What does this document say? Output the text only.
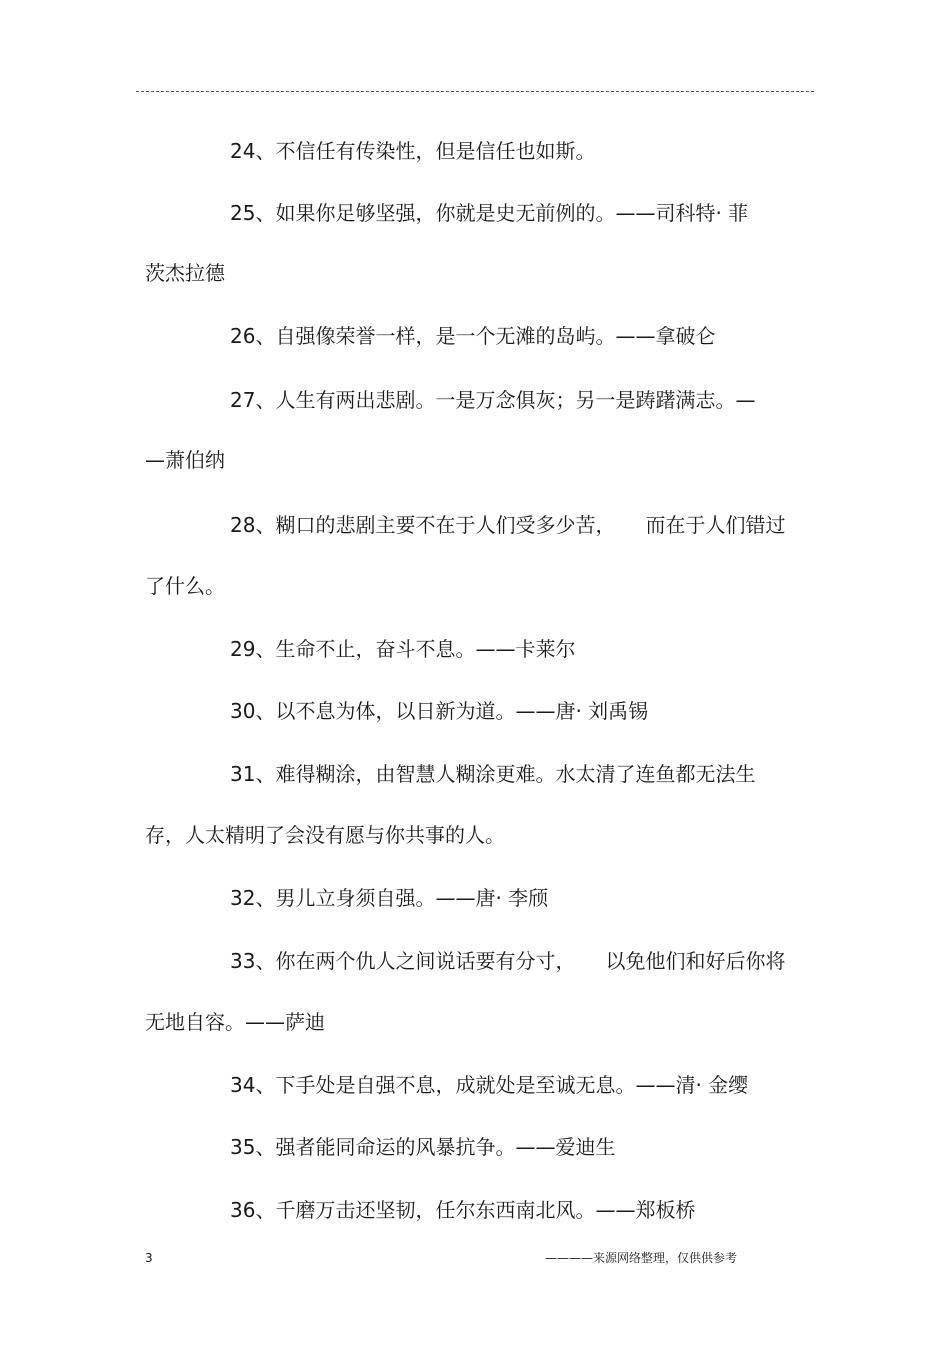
24、不信任有传染性，但是信任也如斯。
25、如果你足够坚强，你就是史无前例的。——司科特· 菲
茨杰拉德
26、自强像荣誉一样，是一个无滩的岛屿。——拿破仑
27、人生有两出悲剧。一是万念俱灰；另一是踌躇满志。—
—萧伯纳
28、糊口的悲剧主要不在于人们受多少苦，　　而在于人们错过
了什么。
29、生命不止，奋斗不息。——卡莱尔
30、以不息为体，以日新为道。——唐· 刘禹锡
31、难得糊涂，由智慧人糊涂更难。水太清了连鱼都无法生
存，人太精明了会没有愿与你共事的人。
32、男儿立身须自强。——唐· 李颀
33、你在两个仇人之间说话要有分寸，　　以免他们和好后你将
无地自容。——萨迪
34、下手处是自强不息，成就处是至诚无息。——清· 金缨
35、强者能同命运的风暴抗争。——爱迪生
36、千磨万击还坚韧，任尔东西南北风。——郑板桥
3	————来源网络整理，仅供供参考
